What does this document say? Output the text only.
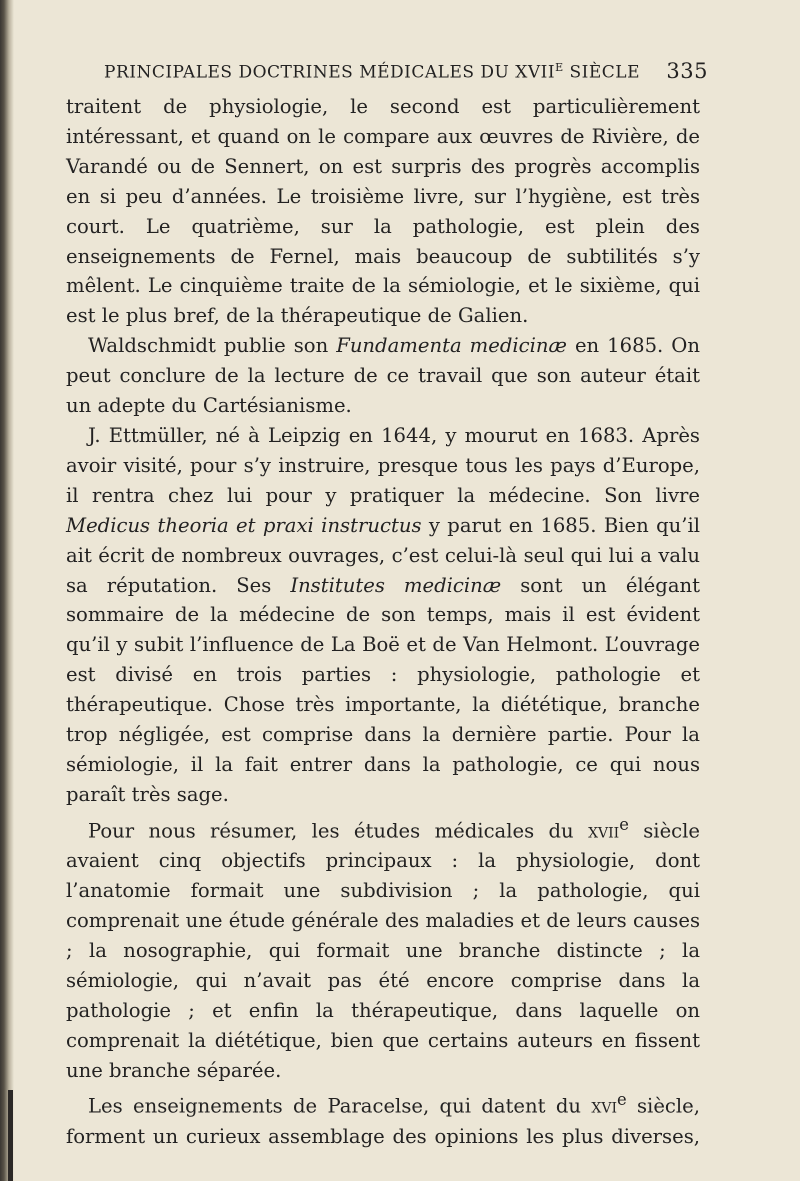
PRINCIPALES DOCTRINES MÉDICALES DU $XVII^E$ SIÈCLE 335

traitent de physiologie, le second est particulièrement intéressant, et quand on le compare aux œuvres de Rivière, de Varandé ou de Sennert, on est surpris des progrès accomplis en si peu d’années. Le troisième livre, sur l’hygiène, est très court. Le quatrième, sur la pathologie, est plein des enseignements de Fernel, mais beaucoup de subtilités s’y mêlent. Le cinquième traite de la sémiologie, et le sixième, qui est le plus bref, de la thérapeutique de Galien.

Waldschmidt publie son Fundamenta medicinæ en 1685. On peut conclure de la lecture de ce travail que son auteur était un adepte du Cartésianisme.

J. Ettmüller, né à Leipzig en 1644, y mourut en 1683. Après avoir visité, pour s’y instruire, presque tous les pays d’Europe, il rentra chez lui pour y pratiquer la médecine. Son livre Medicus theoria et praxi instructus y parut en 1685. Bien qu’il ait écrit de nombreux ouvrages, c’est celui-là seul qui lui a valu sa réputation. Ses Institutes medicinæ sont un élégant sommaire de la médecine de son temps, mais il est évident qu’il y subit l’influence de La Boë et de Van Helmont. L’ouvrage est divisé en trois parties : physiologie, pathologie et thérapeutique. Chose très importante, la diététique, branche trop négligée, est comprise dans la dernière partie. Pour la sémiologie, il la fait entrer dans la pathologie, ce qui nous paraît très sage.

Pour nous résumer, les études médicales du xvii$^e$ siècle avaient cinq objectifs principaux : la physiologie, dont l’anatomie formait une subdivision ; la pathologie, qui comprenait une étude générale des maladies et de leurs causes ; la nosographie, qui formait une branche distincte ; la sémiologie, qui n’avait pas été encore comprise dans la pathologie ; et enfin la thérapeutique, dans laquelle on comprenait la diététique, bien que certains auteurs en fissent une branche séparée.

Les enseignements de Paracelse, qui datent du xvi$^e$ siècle, forment un curieux assemblage des opinions les plus diverses,
